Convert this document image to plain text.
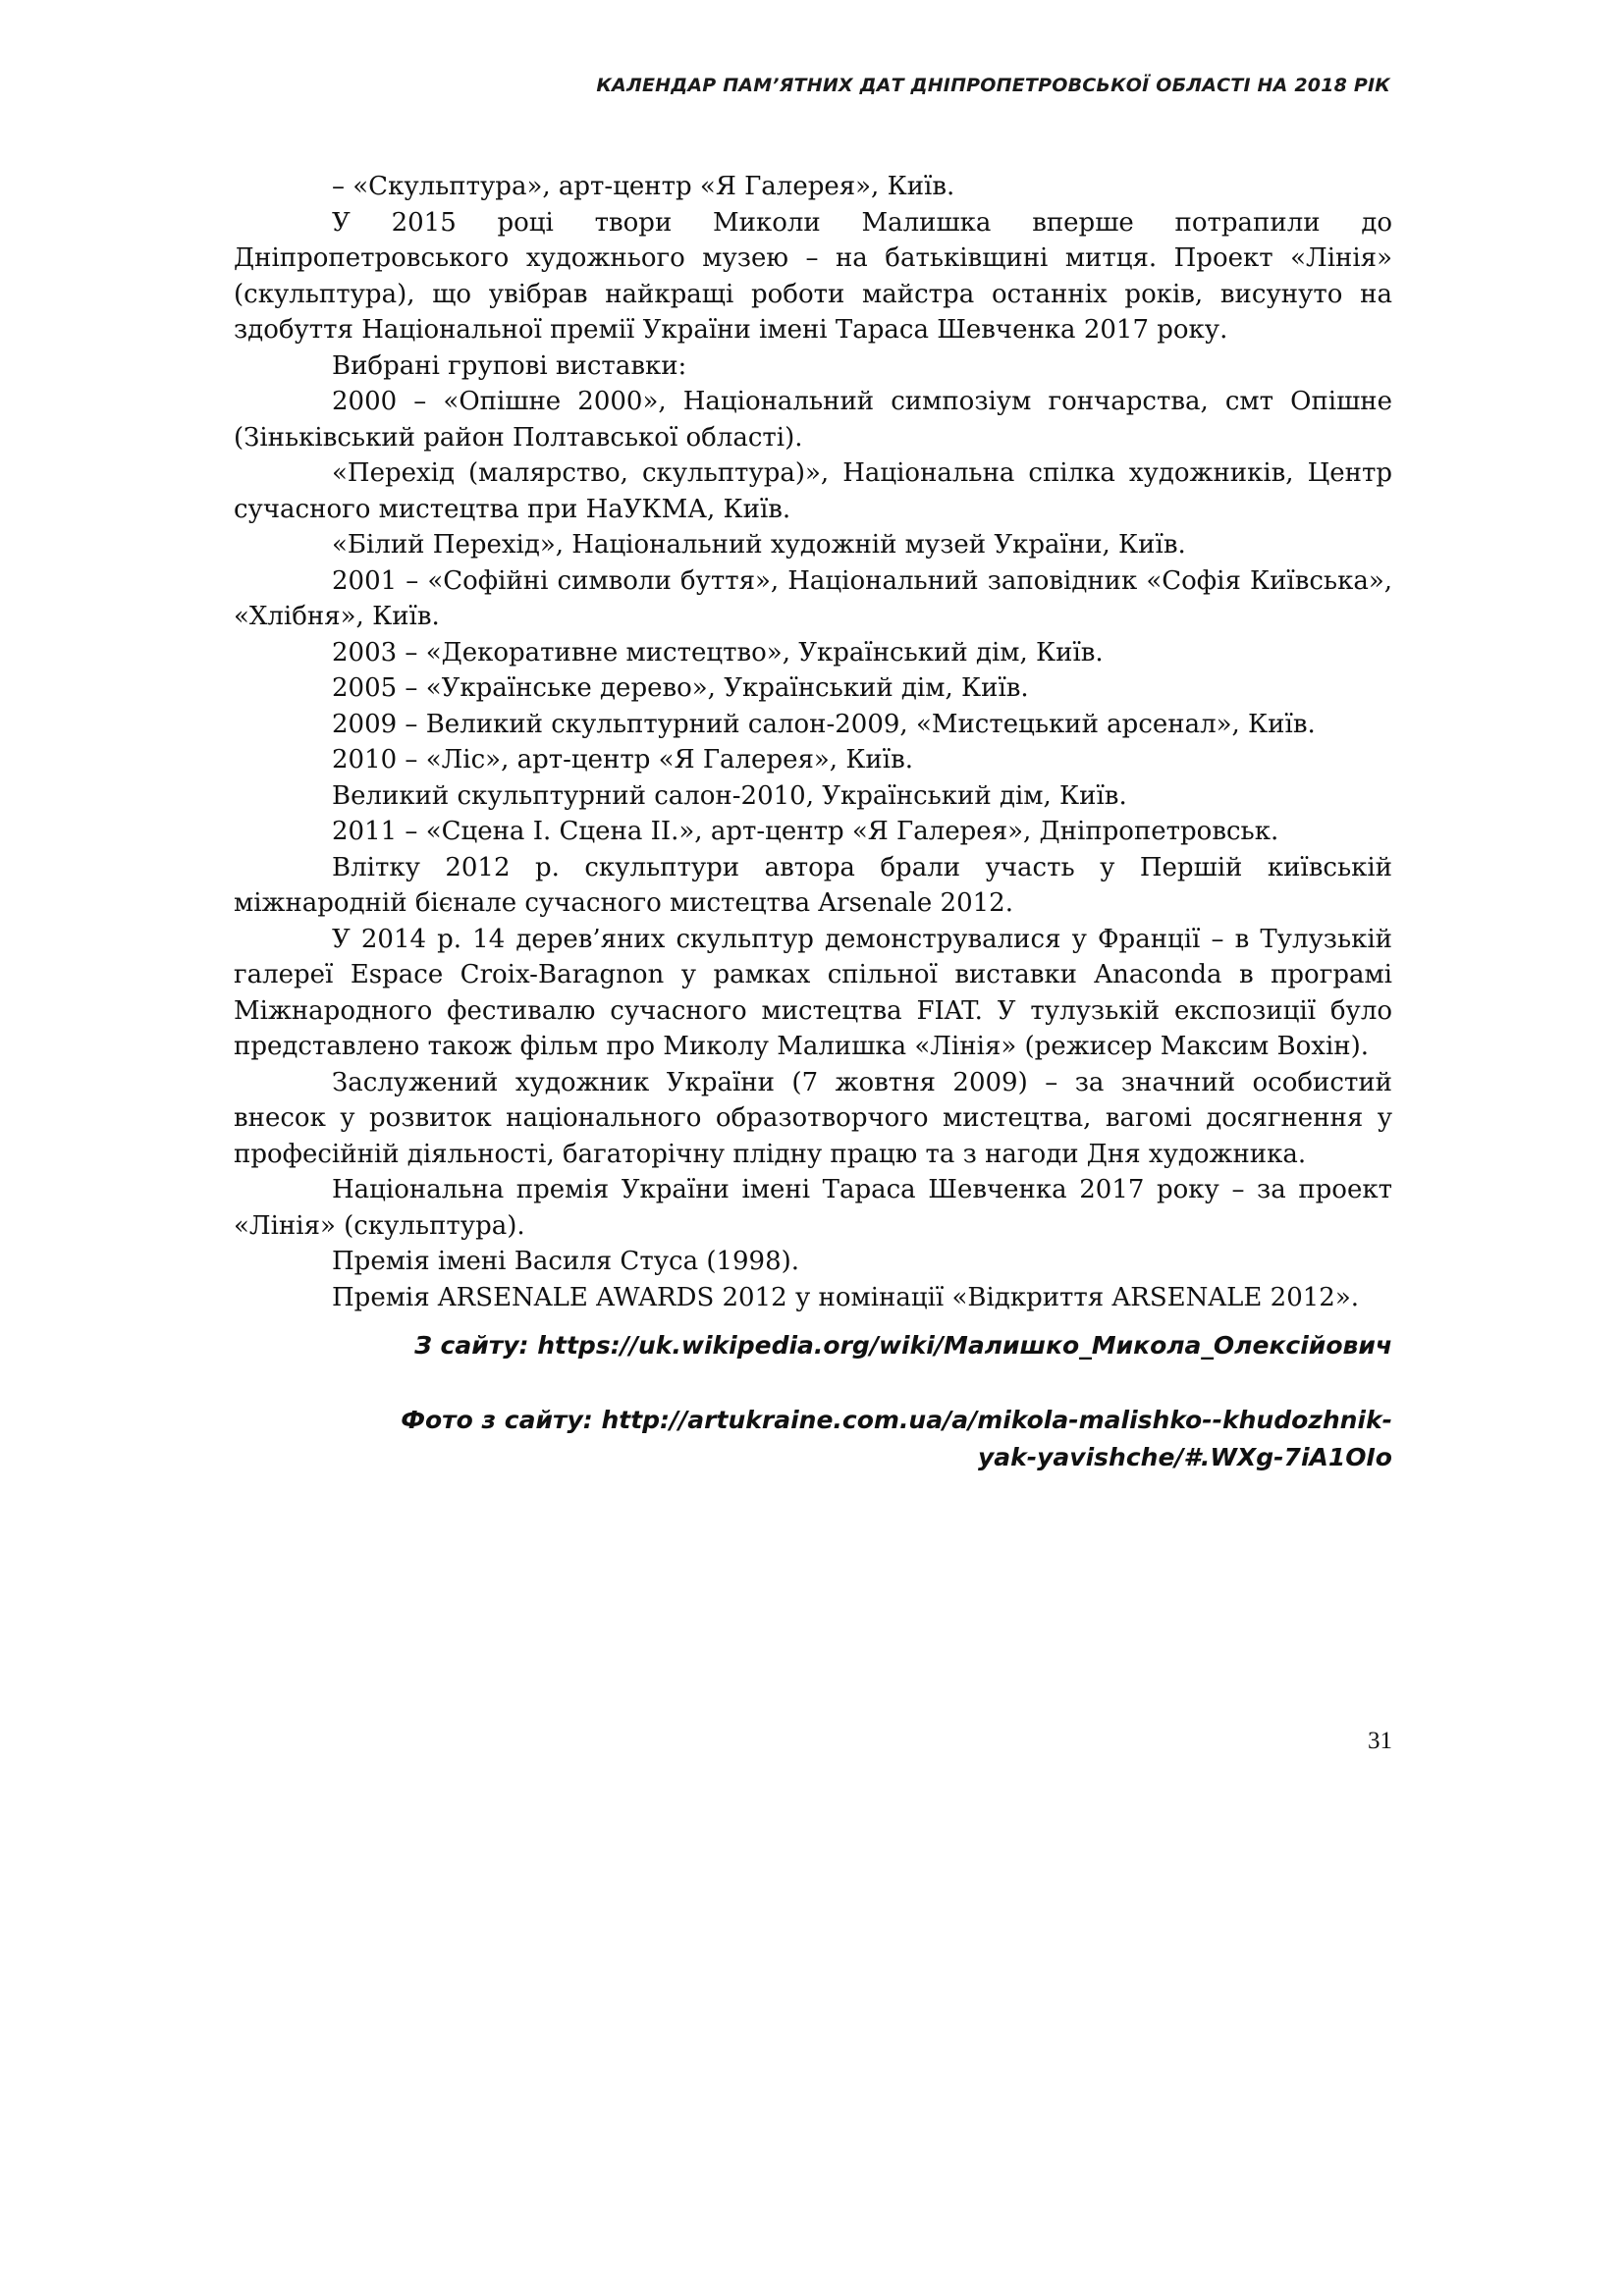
КАЛЕНДАР ПАМ’ЯТНИХ ДАТ ДНІПРОПЕТРОВСЬКОЇ ОБЛАСТІ НА 2018 РІК

– «Скульптура», арт-центр «Я Галерея», Київ.

У 2015 році твори Миколи Малишка вперше потрапили до Дніпропетровського художнього музею – на батьківщині митця. Проект «Лінія» (скульптура), що увібрав найкращі роботи майстра останніх років, висунуто на здобуття Національної премії України імені Тараса Шевченка 2017 року.

Вибрані групові виставки:

2000 – «Опішне 2000», Національний симпозіум гончарства, смт Опішне (Зіньківський район Полтавської області).

«Перехід (малярство, скульптура)», Національна спілка художників, Центр сучасного мистецтва при НаУКМА, Київ.

«Білий Перехід», Національний художній музей України, Київ.

2001 – «Софійні символи буття», Національний заповідник «Софія Київська», «Хлібня», Київ.

2003 – «Декоративне мистецтво», Український дім, Київ.

2005 – «Українське дерево», Український дім, Київ.

2009 – Великий скульптурний салон-2009, «Мистецький арсенал», Київ.

2010 – «Ліс», арт-центр «Я Галерея», Київ.

Великий скульптурний салон-2010, Український дім, Київ.

2011 – «Сцена І. Сцена ІІ.», арт-центр «Я Галерея», Дніпропетровськ.

Влітку 2012 р. скульптури автора брали участь у Першій київській міжнародній бієнале сучасного мистецтва Arsenale 2012.

У 2014 р. 14 дерев’яних скульптур демонструвалися у Франції – в Тулузькій галереї Espace Croix-Baragnon у рамках спільної виставки Anaconda в програмі Міжнародного фестивалю сучасного мистецтва FIAT. У тулузькій експозиції було представлено також фільм про Миколу Малишка «Лінія» (режисер Максим Вохін).

Заслужений художник України (7 жовтня 2009) – за значний особистий внесок у розвиток національного образотворчого мистецтва, вагомі досягнення у професійній діяльності, багаторічну плідну працю та з нагоди Дня художника.

Національна премія України імені Тараса Шевченка 2017 року – за проект «Лінія» (скульптура).

Премія імені Василя Стуса (1998).

Премія ARSENALE AWARDS 2012 у номінації «Відкриття ARSENALE 2012».

З сайту: https://uk.wikipedia.org/wiki/Малишко_Микола_Олексійович

Фото з сайту: http://artukraine.com.ua/a/mikola-malishko--khudozhnik-
yak-yavishche/#.WXg-7iA1OIo

31
